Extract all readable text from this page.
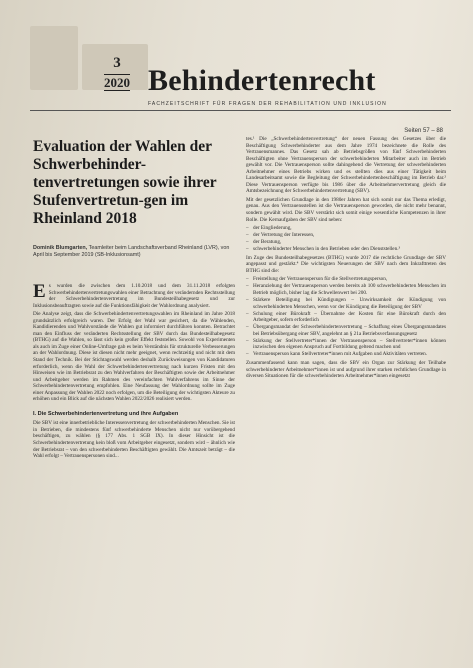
3
2020 Behindertenrecht
FACHZEITSCHRIFT FÜR FRAGEN DER REHABILITATION UND INKLUSION
Seiten 57 – 88
Evaluation der Wahlen der Schwerbehinder-tenvertretungen sowie ihrer Stufenvertretun-gen im Rheinland 2018
Dominik Blumgarten, Teamleiter beim Landschaftsverband Rheinland (LVR), von April bis September 2019 (SB-Inklusionsamt)

Es wurden die zwischen dem 1.10.2018 und dem 31.11.2018 erfolgten Schwerbehindertenvertretungswahlen einer Betrachtung der verändernden Rechtsstellung der Schwerbehindertenvertretung im Bundesteilhabegesetz und zur Inklusionsbeauftragten sowie auf die Funktionsfähigkeit der Wahlordnung analysiert.

Die Analyse zeigt, dass die Schwerbehindertenvertretungswahlen im Rheinland im Jahre 2018 grundsätzlich erfolgreich waren. Der Erfolg der Wahl war gesichert, da die Wählenden, Kandidierenden und Wahlvorstände die Wahlen gut informiert durchführen konnten. Betrachtet man den Einfluss der veränderten Rechtsstellung der SBV durch das Bundesteilhabegesetz (BTHG) auf die Wahlen, so lässt sich kein großer Effekt feststellen. Sowohl von Experimenten als auch im Zuge einer Online-Umfrage gab es beim Verständnis für strukturelle Verbesserungen an der Wahlordnung. Diese ist diesen nicht mehr geeignet, wenn rechtzeitig und nicht mit dem Stand der Technik. Bei der Stichtagswahl werden deshalb Zurückweisungen von Kandidaturen erforderlich, wenn die Wahl der Schwerbehindertenvertretung nach kurzen Fristen mit den Hinweisen wie im Betriebsrat zu den Wahlverfahren der Beschäftigten sowie der Arbeitnehmer und Arbeitgeber werden im Rahmen des vereinfachten Wahlverfahrens im Sinne der Schwerbehindertenvertretung empfohlen. Eine Neufassung der Wahlordnung sollte im Zuge einer Anpassung der Wahlen 2022 noch erfolgen, um die Beteiligung der wichtigsten Akteure zu erhöhen und ein Blick auf die nächsten Wahlen 2022/2026 realisiert werden.

I. Die Schwerbehindertenvertretung und ihre Aufgaben

Die SBV ist eine innerbetriebliche Interessenvertretung der schwerbehinderten Menschen. Sie ist in Betrieben, die mindestens fünf schwerbehinderte Menschen nicht nur vorübergehend beschäftigen, zu wählen (§ 177 Abs. 1 SGB IX). In dieser Hinsicht ist die Schwerbehindertenvertretung kein bloß vom Arbeitgeber eingesetzt, sondern wird – ähnlich wie der Betriebsrat – von den schwerbehinderten Beschäftigten gewählt. Die Amtszeit beträgt – die Wahl erfolgt – Vertrauenspersonen sind...

tes.¹ Die „Schwerbehindertenvertretung“ der neuen Fassung des Gesetzes über die Beschäftigung Schwerbehinderter aus dem Jahre 1974 bezeichnete die Rolle des Vertrauensmannes. Das Gesetz sah ab Betriebsgrößen von fünf Schwerbehinderten Beschäftigten ohne Vertrauensperson der schwerbehinderten Mitarbeiter auch im Betrieb gewählt vor. Die Vertrauensperson sollte dahingehend die Vertretung der schwerbehinderten Arbeitnehmer eines Betriebs wirken und es stellten dies aus einer Tätigkeit beim Landesarbeitsamt sowie die Begleitung der Schwerbehindertenbeschäftigung im Betrieb dar.² Diese Vertrauensperson verfügte bis 1986 über die Arbeitnehmervertretung gleich die Amtsbezeichnung der Schwerbehindertenvertretung (SBV).

Mit der gesetzlichen Grundlage in den 1980er Jahren hat sich somit nur das Thema erledigt, genau. Aus den Vertrauensstellen ist die Vertrauensperson geworden, die nicht mehr benannt, sondern gewählt wird. Die SBV verstärkt sich somit einige wesentliche Kompetenzen in ihrer Rolle. Die Kernaufgaben der SBV sind neben:

– der Eingliederung,
– der Vertretung der Interessen,
– der Beratung,
– schwerbehinderter Menschen in den Betrieben oder den Dienststellen.³

Im Zuge des Bundesteilhabegesetzes (BTHG) wurde 2017 die rechtliche Grundlage der SBV angepasst und gestärkt.⁴ Die wichtigsten Neuerungen der SBV nach dem Inkrafttreten des BTHG sind die:

– Freistellung der Vertrauensperson für die Stellvertretungsperson,
– Heranziehung der Vertrauensperson werden bereits ab 100 schwerbehinderten Menschen im Betrieb möglich, bisher lag die Schwellenwert bei 200.
– Stärkere Beteiligung bei Kündigungen – Unwirksamkeit der Kündigung von schwerbehinderten Menschen, wenn vor der Kündigung die Beteiligung der SBV
– Schulung einer Bürokraft – Übernahme der Kosten für eine Bürokraft durch den Arbeitgeber, sofern erforderlich
– Übergangsmandat der Schwerbehindertenvertretung – Schaffung eines Übergangsmandates bei Betriebsübergang einer SBV, angelehnt an § 21a Betriebsverfassungsgesetz
– Stärkung der Stellvertreter*innen der Vertrauensperson – Stellvertreter*innen können inzwischen den eigenen Anspruch auf Fortbildung geltend machen und
– Vertrauensperson kann Stellvertreter*innen mit Aufgaben und Aktivitäten vertreten.

Zusammenfassend kann man sagen, dass die SBV ein Organ zur Stärkung der Teilhabe schwerbehinderter Arbeitnehmer*innen ist und aufgrund ihrer starken rechtlichen Grundlage in diversen Situationen für die schwerbehinderten Arbeitnehmer*innen eingesetzt
